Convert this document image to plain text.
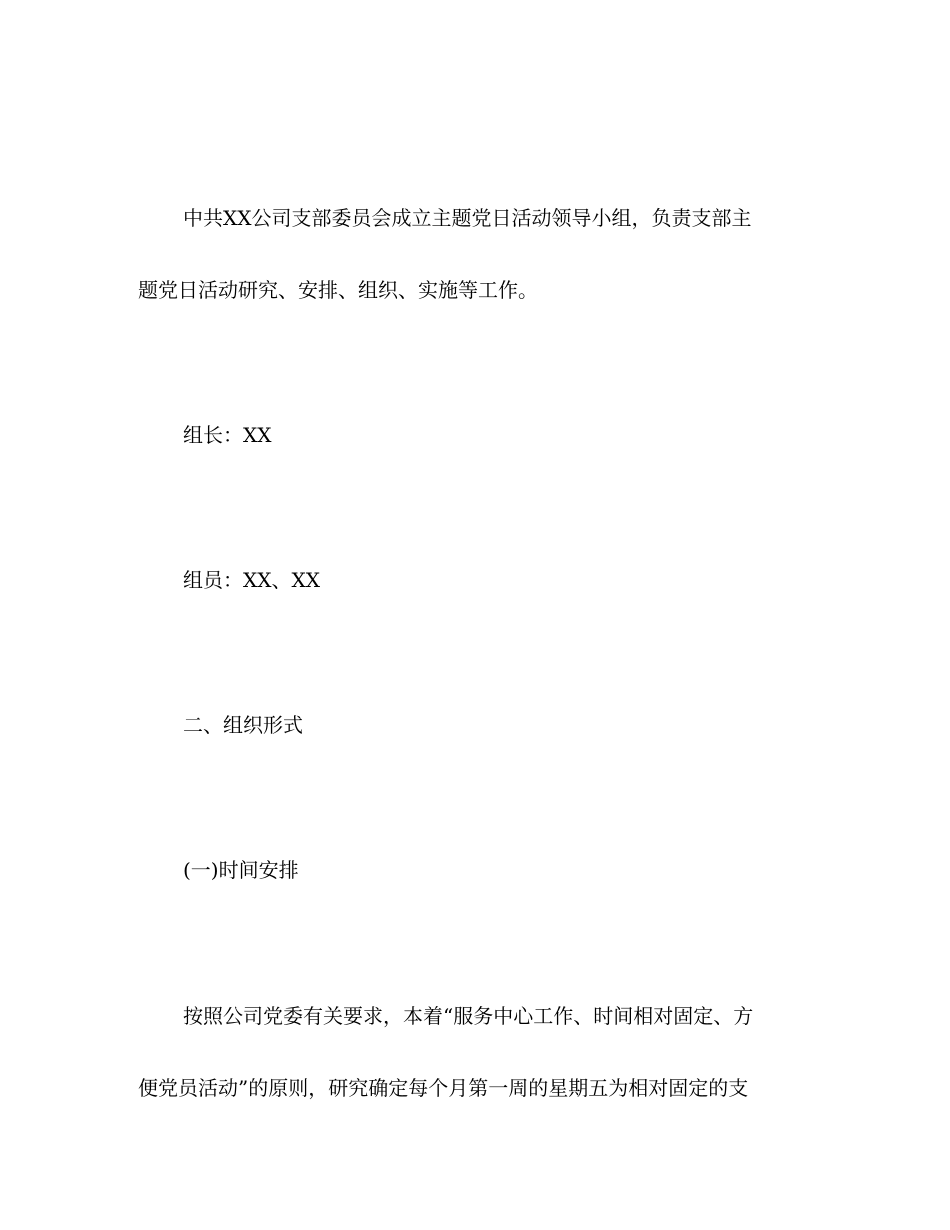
中共XX公司支部委员会成立主题党日活动领导小组，负责支部主
题党日活动研究、安排、组织、实施等工作。
组长：XX
组员：XX、XX
二、组织形式
(一)时间安排
按照公司党委有关要求，本着“服务中心工作、时间相对固定、方
便党员活动”的原则，研究确定每个月第一周的星期五为相对固定的支
